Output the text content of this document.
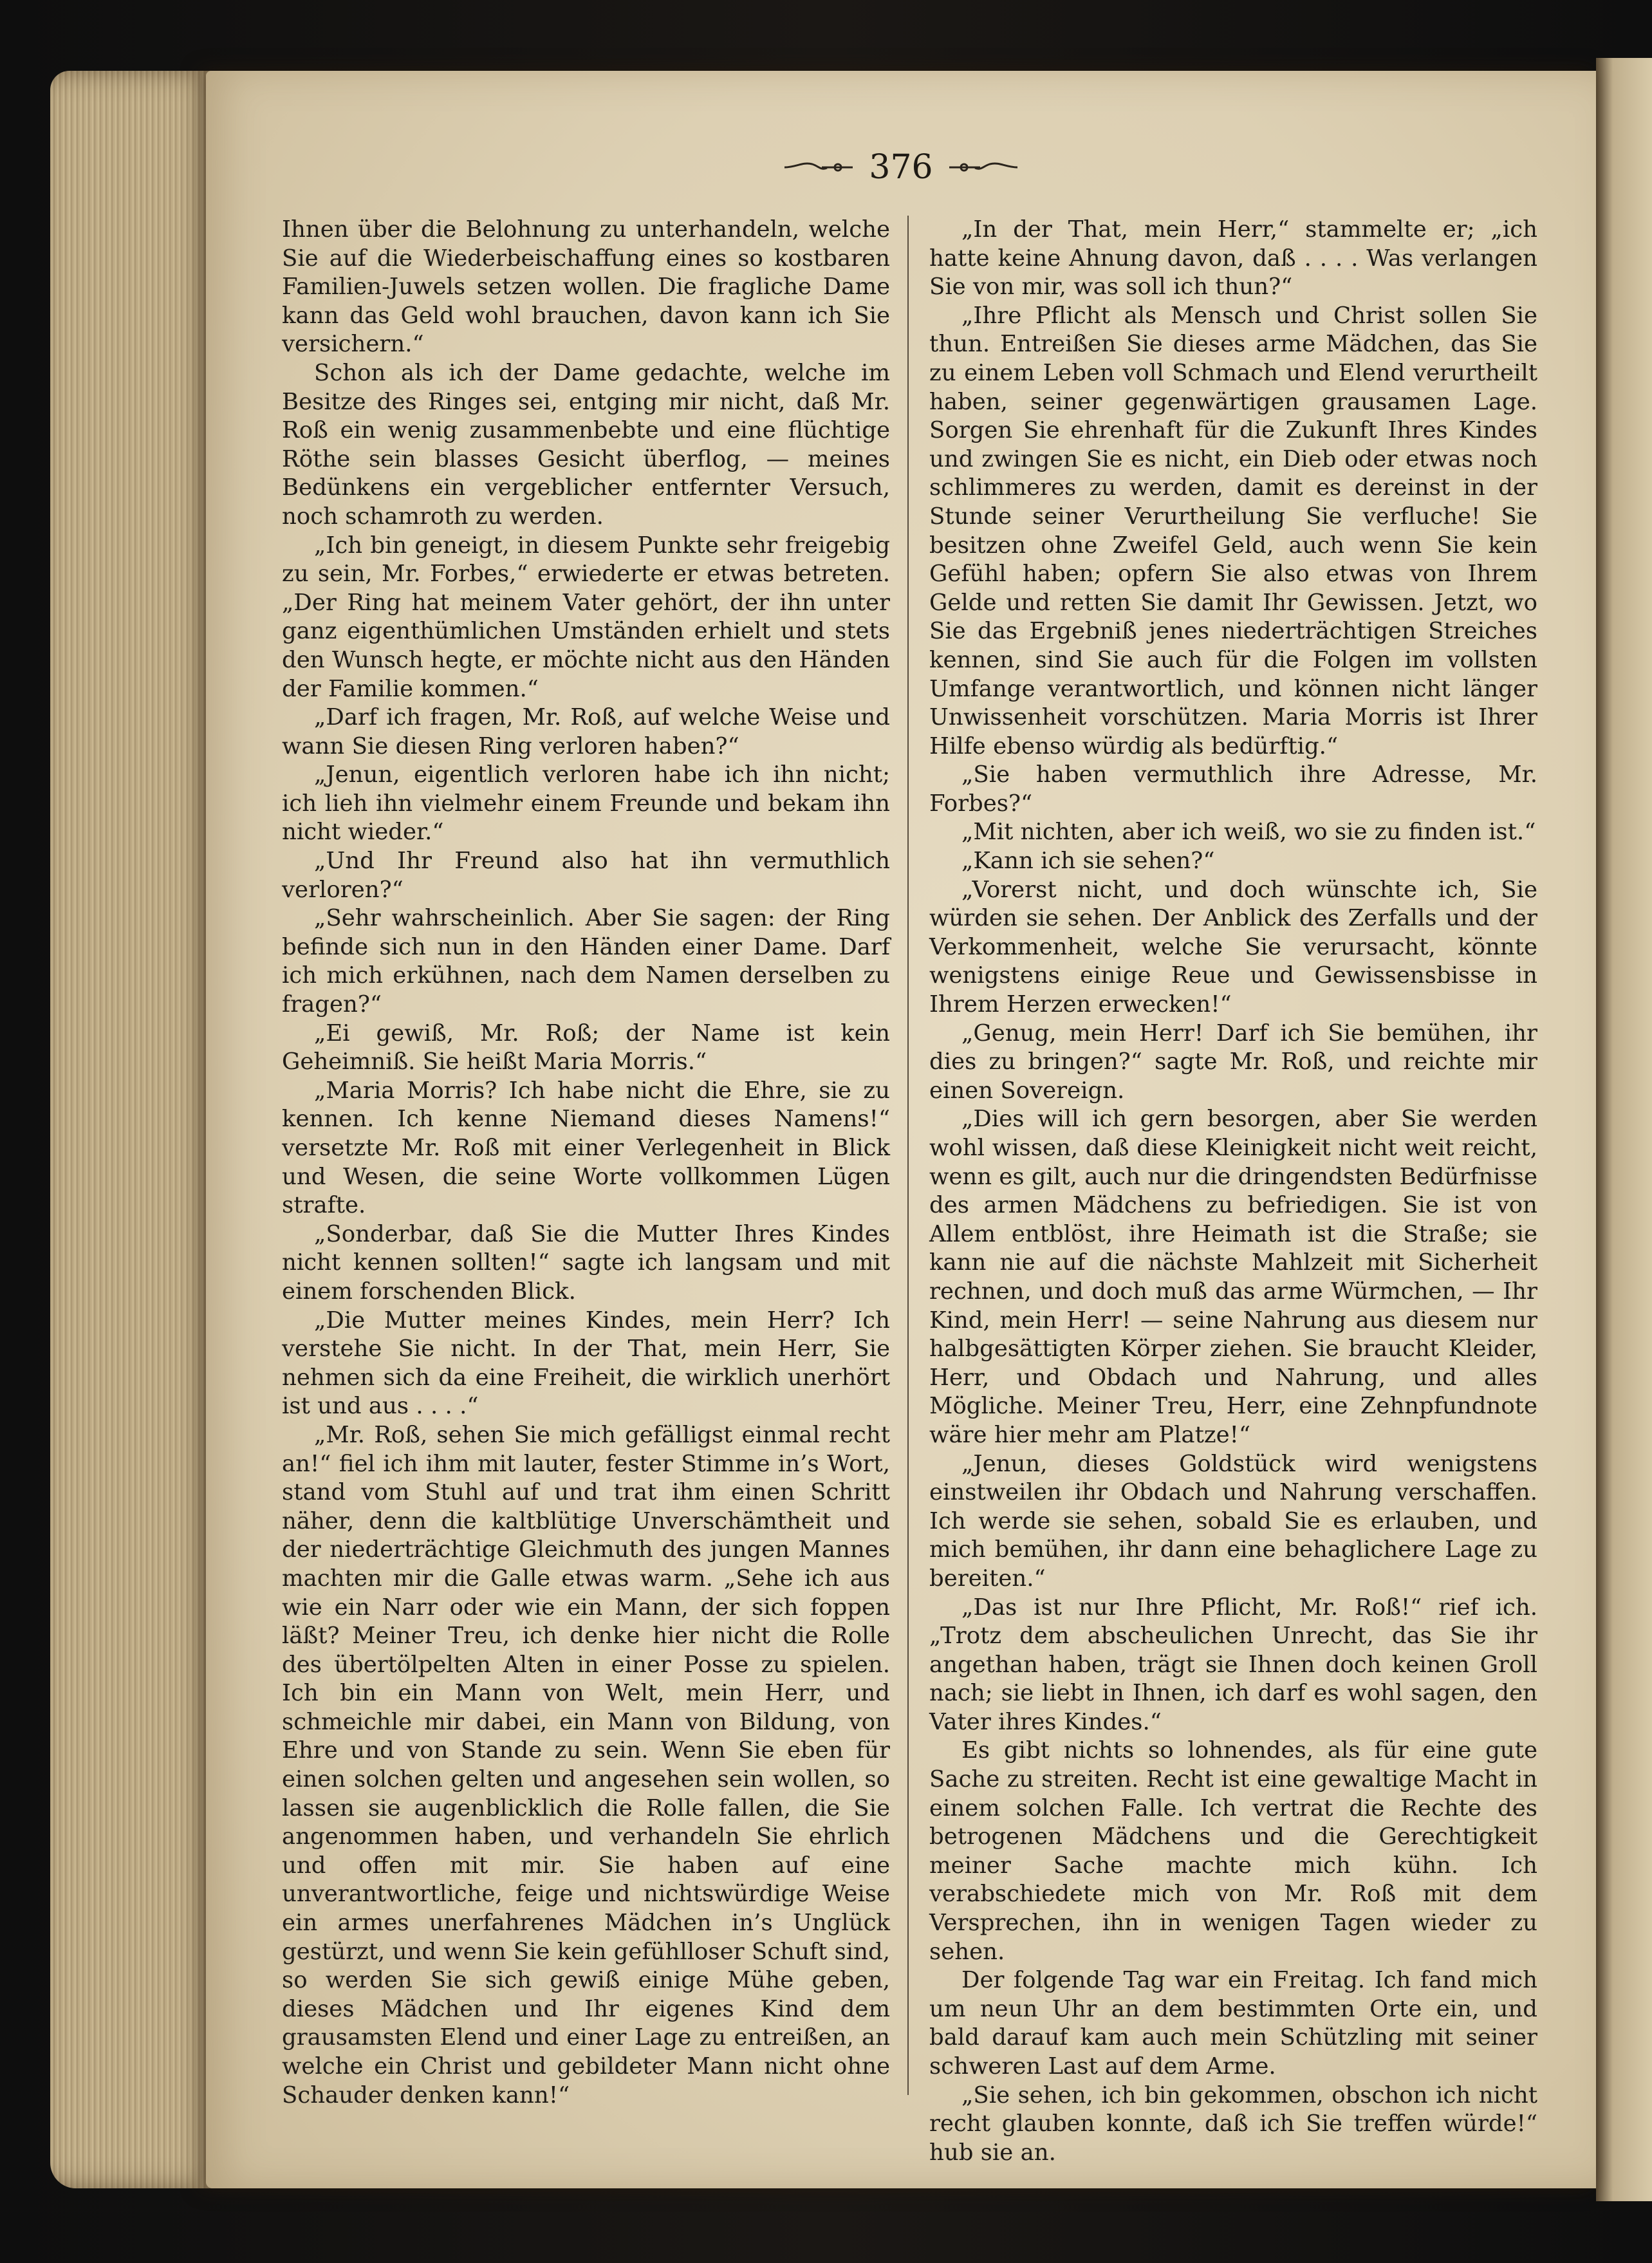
376

Ihnen über die Belohnung zu unterhandeln, welche Sie auf die Wiederbeischaffung eines so kostbaren Familien-Juwels setzen wollen. Die fragliche Dame kann das Geld wohl brauchen, davon kann ich Sie versichern.“

Schon als ich der Dame gedachte, welche im Besitze des Ringes sei, entging mir nicht, daß Mr. Roß ein wenig zusammenbebte und eine flüchtige Röthe sein blasses Gesicht überflog, — meines Bedünkens ein vergeblicher entfernter Versuch, noch schamroth zu werden.

„Ich bin geneigt, in diesem Punkte sehr freigebig zu sein, Mr. Forbes,“ erwiederte er etwas betreten. „Der Ring hat meinem Vater gehört, der ihn unter ganz eigenthümlichen Umständen erhielt und stets den Wunsch hegte, er möchte nicht aus den Händen der Familie kommen.“

„Darf ich fragen, Mr. Roß, auf welche Weise und wann Sie diesen Ring verloren haben?“

„Jenun, eigentlich verloren habe ich ihn nicht; ich lieh ihn vielmehr einem Freunde und bekam ihn nicht wieder.“

„Und Ihr Freund also hat ihn vermuthlich verloren?“

„Sehr wahrscheinlich. Aber Sie sagen: der Ring befinde sich nun in den Händen einer Dame. Darf ich mich erkühnen, nach dem Namen derselben zu fragen?“

„Ei gewiß, Mr. Roß; der Name ist kein Geheimniß. Sie heißt Maria Morris.“

„Maria Morris? Ich habe nicht die Ehre, sie zu kennen. Ich kenne Niemand dieses Namens!“ versetzte Mr. Roß mit einer Verlegenheit in Blick und Wesen, die seine Worte vollkommen Lügen strafte.

„Sonderbar, daß Sie die Mutter Ihres Kindes nicht kennen sollten!“ sagte ich langsam und mit einem forschenden Blick.

„Die Mutter meines Kindes, mein Herr? Ich verstehe Sie nicht. In der That, mein Herr, Sie nehmen sich da eine Freiheit, die wirklich unerhört ist und aus . . . .“

„Mr. Roß, sehen Sie mich gefälligst einmal recht an!“ fiel ich ihm mit lauter, fester Stimme in’s Wort, stand vom Stuhl auf und trat ihm einen Schritt näher, denn die kaltblütige Unverschämtheit und der niederträchtige Gleichmuth des jungen Mannes machten mir die Galle etwas warm. „Sehe ich aus wie ein Narr oder wie ein Mann, der sich foppen läßt? Meiner Treu, ich denke hier nicht die Rolle des übertölpelten Alten in einer Posse zu spielen. Ich bin ein Mann von Welt, mein Herr, und schmeichle mir dabei, ein Mann von Bildung, von Ehre und von Stande zu sein. Wenn Sie eben für einen solchen gelten und angesehen sein wollen, so lassen sie augenblicklich die Rolle fallen, die Sie angenommen haben, und verhandeln Sie ehrlich und offen mit mir. Sie haben auf eine unverantwortliche, feige und nichtswürdige Weise ein armes unerfahrenes Mädchen in’s Unglück gestürzt, und wenn Sie kein gefühlloser Schuft sind, so werden Sie sich gewiß einige Mühe geben, dieses Mädchen und Ihr eigenes Kind dem grausamsten Elend und einer Lage zu entreißen, an welche ein Christ und gebildeter Mann nicht ohne Schauder denken kann!“

„In der That, mein Herr,“ stammelte er; „ich hatte keine Ahnung davon, daß . . . . Was verlangen Sie von mir, was soll ich thun?“

„Ihre Pflicht als Mensch und Christ sollen Sie thun. Entreißen Sie dieses arme Mädchen, das Sie zu einem Leben voll Schmach und Elend verurtheilt haben, seiner gegenwärtigen grausamen Lage. Sorgen Sie ehrenhaft für die Zukunft Ihres Kindes und zwingen Sie es nicht, ein Dieb oder etwas noch schlimmeres zu werden, damit es dereinst in der Stunde seiner Verurtheilung Sie verfluche! Sie besitzen ohne Zweifel Geld, auch wenn Sie kein Gefühl haben; opfern Sie also etwas von Ihrem Gelde und retten Sie damit Ihr Gewissen. Jetzt, wo Sie das Ergebniß jenes niederträchtigen Streiches kennen, sind Sie auch für die Folgen im vollsten Umfange verantwortlich, und können nicht länger Unwissenheit vorschützen. Maria Morris ist Ihrer Hilfe ebenso würdig als bedürftig.“

„Sie haben vermuthlich ihre Adresse, Mr. Forbes?“

„Mit nichten, aber ich weiß, wo sie zu finden ist.“

„Kann ich sie sehen?“

„Vorerst nicht, und doch wünschte ich, Sie würden sie sehen. Der Anblick des Zerfalls und der Verkommenheit, welche Sie verursacht, könnte wenigstens einige Reue und Gewissensbisse in Ihrem Herzen erwecken!“

„Genug, mein Herr! Darf ich Sie bemühen, ihr dies zu bringen?“ sagte Mr. Roß, und reichte mir einen Sovereign.

„Dies will ich gern besorgen, aber Sie werden wohl wissen, daß diese Kleinigkeit nicht weit reicht, wenn es gilt, auch nur die dringendsten Bedürfnisse des armen Mädchens zu befriedigen. Sie ist von Allem entblöst, ihre Heimath ist die Straße; sie kann nie auf die nächste Mahlzeit mit Sicherheit rechnen, und doch muß das arme Würmchen, — Ihr Kind, mein Herr! — seine Nahrung aus diesem nur halbgesättigten Körper ziehen. Sie braucht Kleider, Herr, und Obdach und Nahrung, und alles Mögliche. Meiner Treu, Herr, eine Zehnpfundnote wäre hier mehr am Platze!“

„Jenun, dieses Goldstück wird wenigstens einstweilen ihr Obdach und Nahrung verschaffen. Ich werde sie sehen, sobald Sie es erlauben, und mich bemühen, ihr dann eine behaglichere Lage zu bereiten.“

„Das ist nur Ihre Pflicht, Mr. Roß!“ rief ich. „Trotz dem abscheulichen Unrecht, das Sie ihr angethan haben, trägt sie Ihnen doch keinen Groll nach; sie liebt in Ihnen, ich darf es wohl sagen, den Vater ihres Kindes.“

Es gibt nichts so lohnendes, als für eine gute Sache zu streiten. Recht ist eine gewaltige Macht in einem solchen Falle. Ich vertrat die Rechte des betrogenen Mädchens und die Gerechtigkeit meiner Sache machte mich kühn. Ich verabschiedete mich von Mr. Roß mit dem Versprechen, ihn in wenigen Tagen wieder zu sehen.

Der folgende Tag war ein Freitag. Ich fand mich um neun Uhr an dem bestimmten Orte ein, und bald darauf kam auch mein Schützling mit seiner schweren Last auf dem Arme.

„Sie sehen, ich bin gekommen, obschon ich nicht recht glauben konnte, daß ich Sie treffen würde!“ hub sie an.
